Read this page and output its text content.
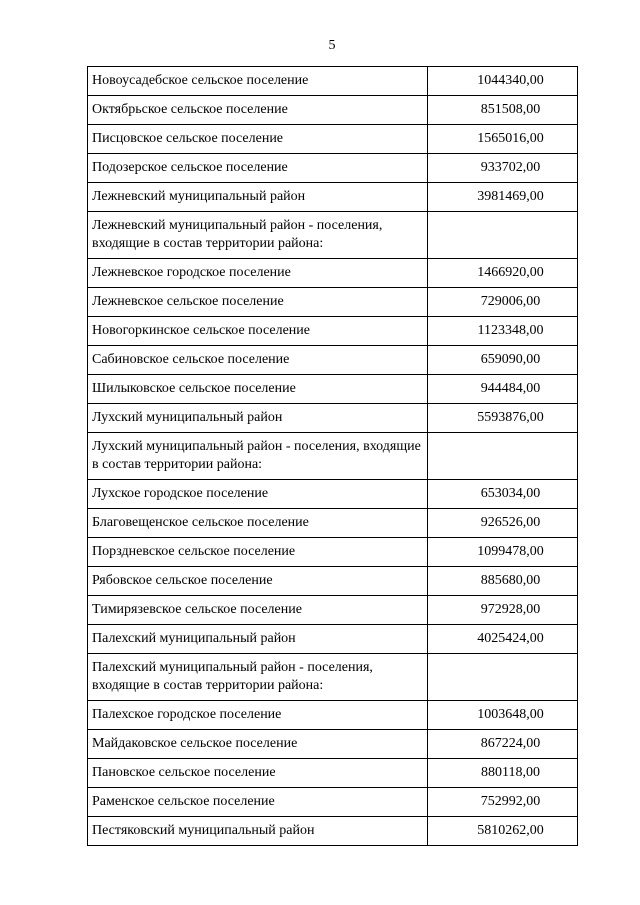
5
Новоусадебское сельское поселение	1044340,00
Октябрьское сельское поселение	851508,00
Писцовское сельское поселение	1565016,00
Подозерское сельское поселение	933702,00
Лежневский муниципальный район	3981469,00
Лежневский муниципальный район - поселения, входящие в состав территории района:	
Лежневское городское поселение	1466920,00
Лежневское сельское поселение	729006,00
Новогоркинское сельское поселение	1123348,00
Сабиновское сельское поселение	659090,00
Шилыковское сельское поселение	944484,00
Лухский муниципальный район	5593876,00
Лухский муниципальный район - поселения, входящие в состав территории района:	
Лухское городское поселение	653034,00
Благовещенское сельское поселение	926526,00
Порздневское сельское поселение	1099478,00
Рябовское сельское поселение	885680,00
Тимирязевское сельское поселение	972928,00
Палехский муниципальный район	4025424,00
Палехский муниципальный район - поселения, входящие в состав территории района:	
Палехское городское поселение	1003648,00
Майдаковское сельское поселение	867224,00
Пановское сельское поселение	880118,00
Раменское сельское поселение	752992,00
Пестяковский муниципальный район	5810262,00
